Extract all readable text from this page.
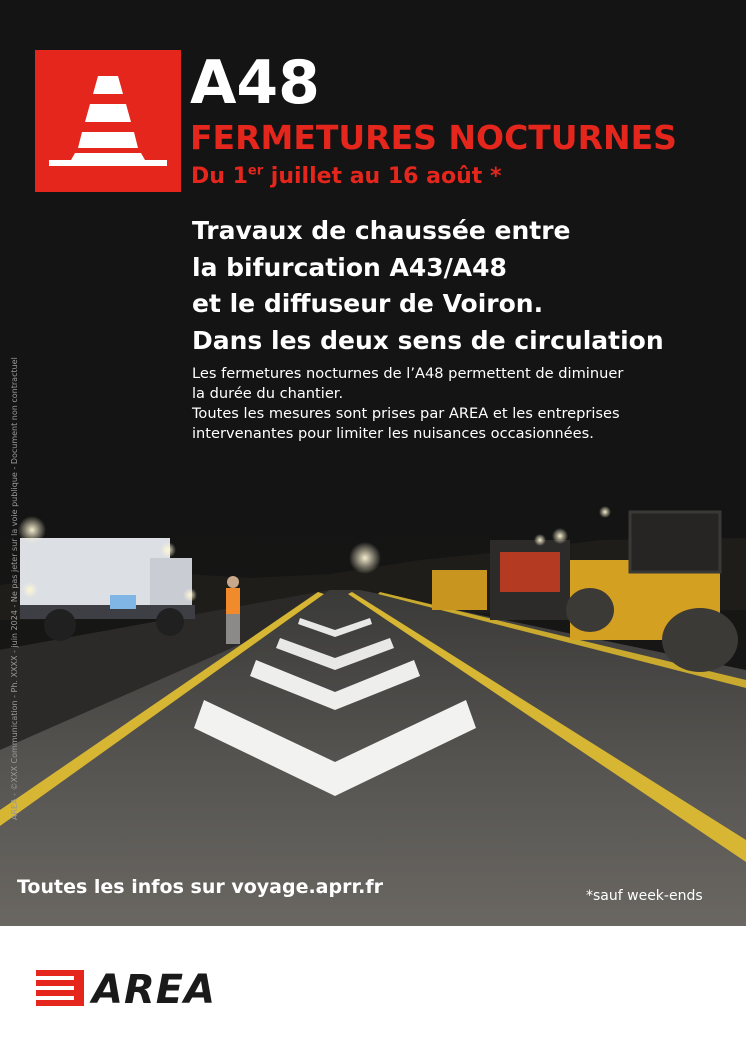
A48
FERMETURES NOCTURNES
Du 1er juillet au 16 août *
Travaux de chaussée entre
la bifurcation A43/A48
et le diffuseur de Voiron.
Dans les deux sens de circulation
Les fermetures nocturnes de l’A48 permettent de diminuer
la durée du chantier.
Toutes les mesures sont prises par AREA et les entreprises
intervenantes pour limiter les nuisances occasionnées.
AREA - ©XXX Communication - Ph. XXXX - juin 2024 - Ne pas jeter sur la voie publique - Document non contractuel
Toutes les infos sur voyage.aprr.fr	*sauf week-ends
AREA
